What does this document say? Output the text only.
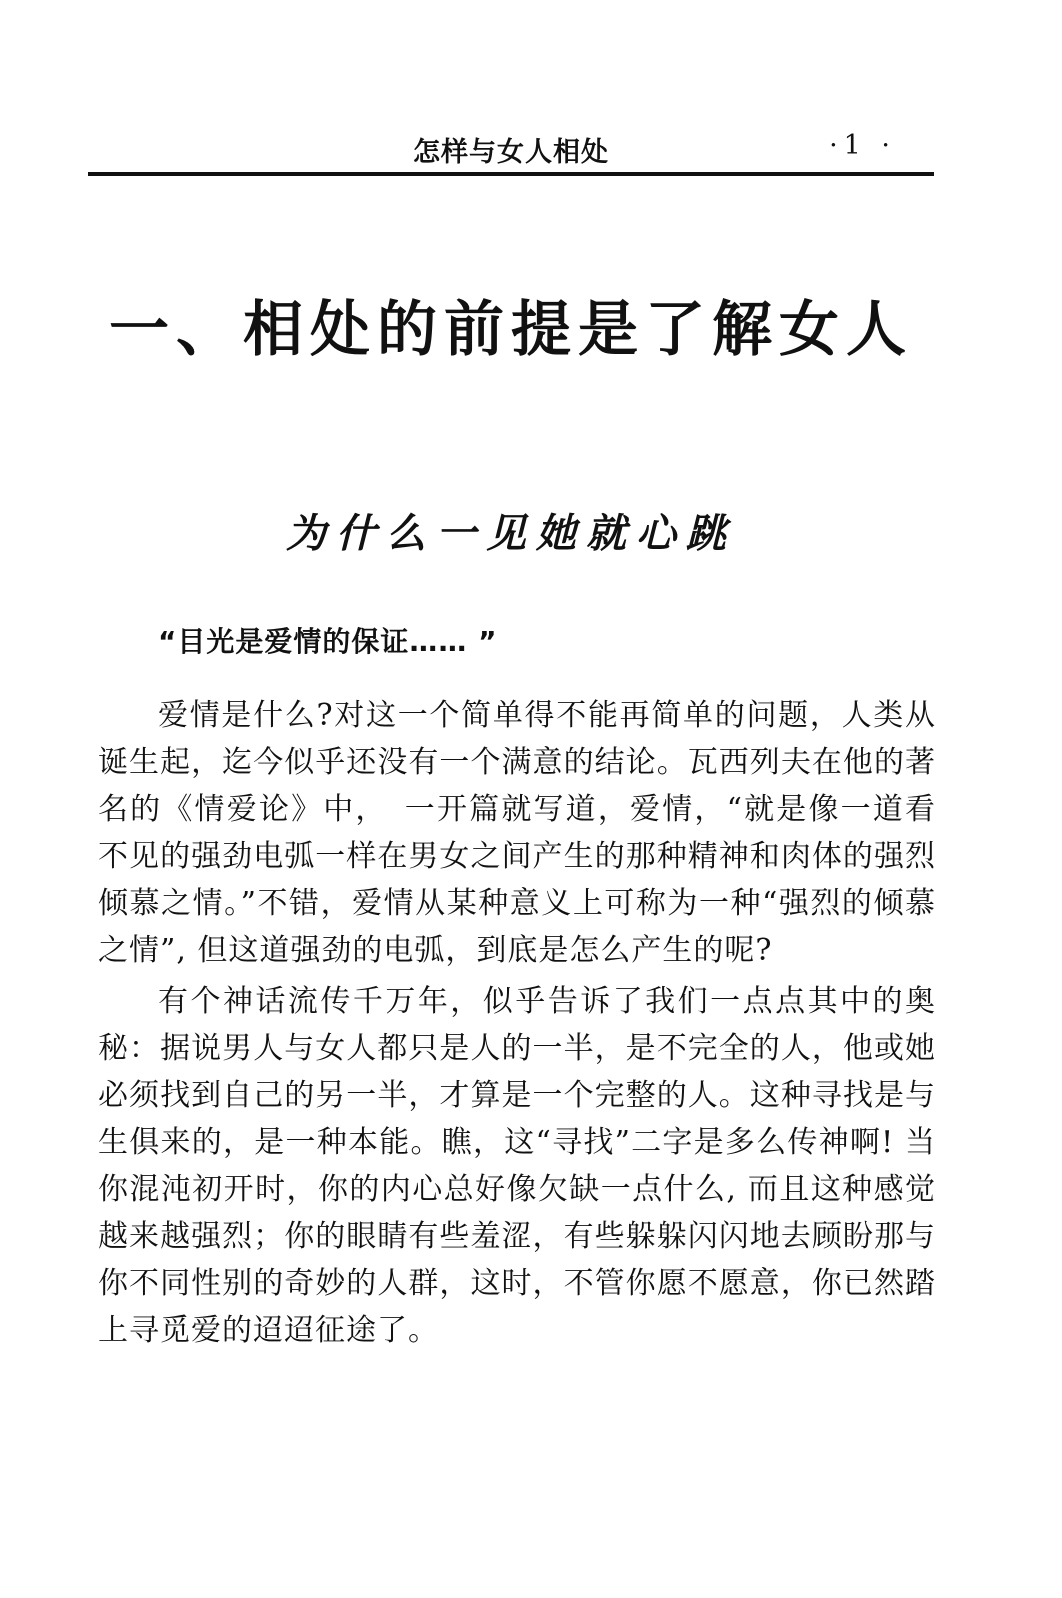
怎样与女人相处	·1 ·
一、相处的前提是了解女人
为什么一见她就心跳
“目光是爱情的保证…… ”

爱情是什么?对这一个简单得不能再简单的问题，人类从诞生起，迄今似乎还没有一个满意的结论。瓦西列夫在他的著名的《情爱论》中，　一开篇就写道，爱情，“就是像一道看不见的强劲电弧一样在男女之间产生的那种精神和肉体的强烈倾慕之情。”不错，爱情从某种意义上可称为一种“强烈的倾慕之情”, 但这道强劲的电弧，到底是怎么产生的呢?

有个神话流传千万年，似乎告诉了我们一点点其中的奥秘：据说男人与女人都只是人的一半，是不完全的人，他或她必须找到自己的另一半，才算是一个完整的人。这种寻找是与生俱来的，是一种本能。瞧，这“寻找”二字是多么传神啊! 当你混沌初开时，你的内心总好像欠缺一点什么, 而且这种感觉越来越强烈；你的眼睛有些羞涩，有些躲躲闪闪地去顾盼那与你不同性别的奇妙的人群，这时，不管你愿不愿意，你已然踏上寻觅爱的迢迢征途了。
